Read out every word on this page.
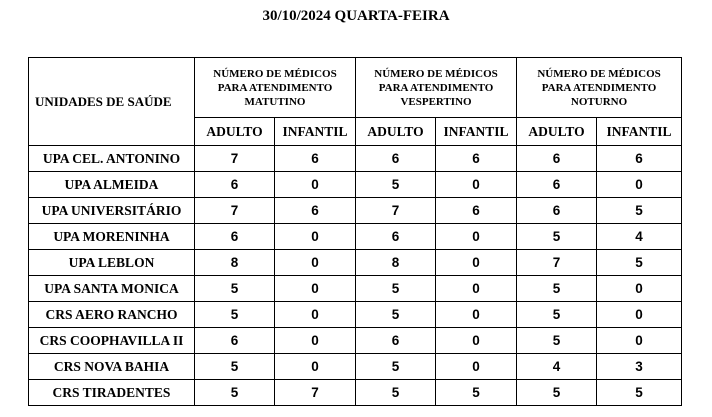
30/10/2024 QUARTA-FEIRA
UNIDADES DE SAÚDE	NÚMERO DE MÉDICOS
PARA ATENDIMENTO
MATUTINO		NÚMERO DE MÉDICOS
PARA ATENDIMENTO
VESPERTINO		NÚMERO DE MÉDICOS
PARA ATENDIMENTO
NOTURNO	

	ADULTO	INFANTIL	ADULTO	INFANTIL	ADULTO	INFANTIL
UPA CEL. ANTONINO	7	6	6	6	6	6
UPA ALMEIDA	6	0	5	0	6	0
UPA UNIVERSITÁRIO	7	6	7	6	6	5
UPA MORENINHA	6	0	6	0	5	4
UPA LEBLON	8	0	8	0	7	5
UPA SANTA MONICA	5	0	5	0	5	0
CRS AERO RANCHO	5	0	5	0	5	0
CRS COOPHAVILLA II	6	0	6	0	5	0
CRS NOVA BAHIA	5	0	5	0	4	3
CRS TIRADENTES	5	7	5	5	5	5
